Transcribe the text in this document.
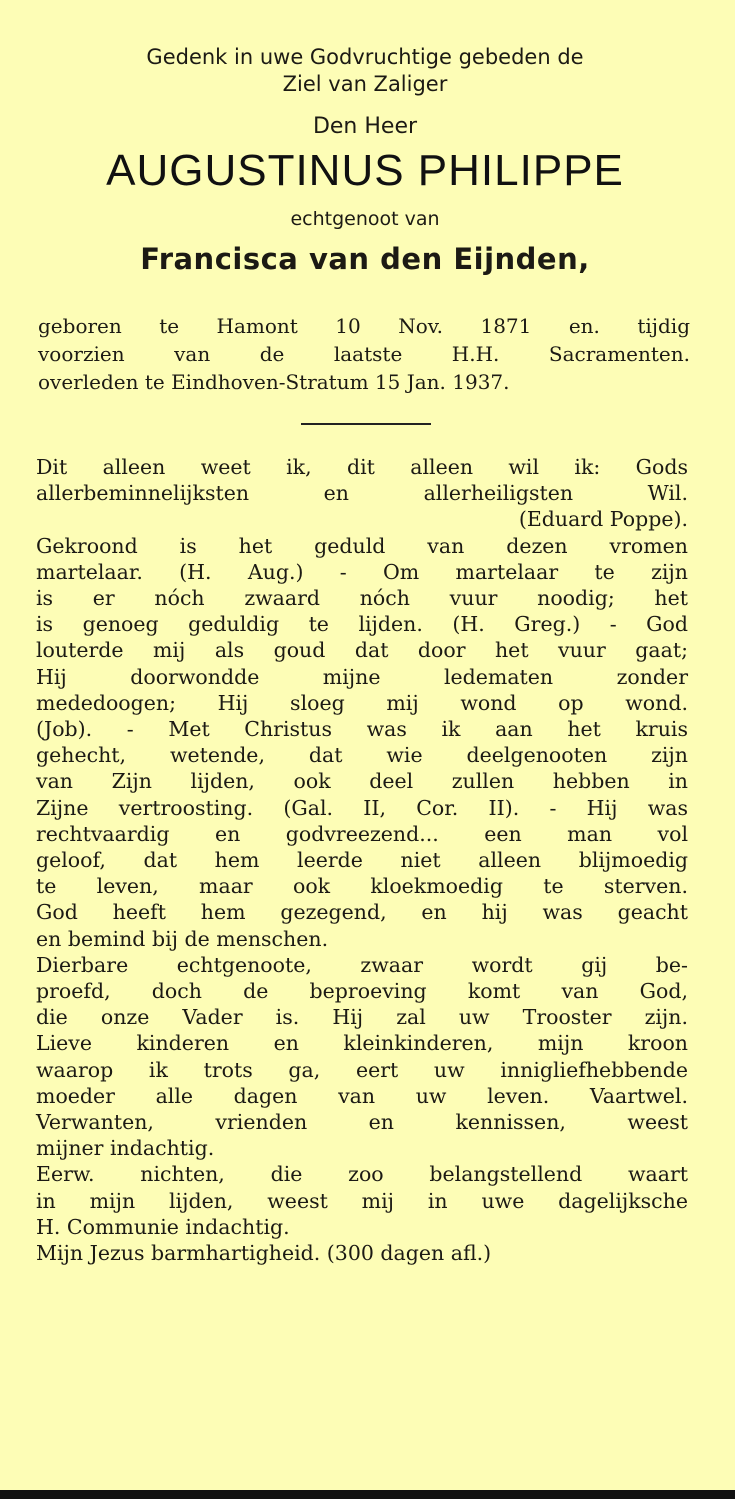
Gedenk in uwe Godvruchtige gebeden de

Ziel van Zaliger

Den Heer

AUGUSTINUS PHILIPPE

echtgenoot van

Francisca van den Eijnden,

geboren te Hamont 10 Nov. 1871 en. tijdig

voorzien van de laatste H.H. Sacramenten.

overleden te Eindhoven-Stratum 15 Jan. 1937.

Dit alleen weet ik, dit alleen wil ik: Gods
allerbeminnelijksten en allerheiligsten Wil.
(Eduard Poppe).

Gekroond is het geduld van dezen vromen
martelaar. (H. Aug.) - Om martelaar te zijn
is er nóch zwaard nóch vuur noodig; het
is genoeg geduldig te lijden. (H. Greg.) - God
louterde mij als goud dat door het vuur gaat;
Hij doorwondde mijne ledematen zonder
mededoogen; Hij sloeg mij wond op wond.
(Job). - Met Christus was ik aan het kruis
gehecht, wetende, dat wie deelgenooten zijn
van Zijn lijden, ook deel zullen hebben in
Zijne vertroosting. (Gal. II, Cor. II). - Hij was
rechtvaardig en godvreezend... een man vol
geloof, dat hem leerde niet alleen blijmoedig
te leven, maar ook kloekmoedig te sterven.
God heeft hem gezegend, en hij was geacht
en bemind bij de menschen.

Dierbare echtgenoote, zwaar wordt gij be-
proefd, doch de beproeving komt van God,
die onze Vader is. Hij zal uw Trooster zijn.
Lieve kinderen en kleinkinderen, mijn kroon
waarop ik trots ga, eert uw innigliefhebbende
moeder alle dagen van uw leven. Vaartwel.
Verwanten, vrienden en kennissen, weest
mijner indachtig.

Eerw. nichten, die zoo belangstellend waart
in mijn lijden, weest mij in uwe dagelijksche
H. Communie indachtig.

Mijn Jezus barmhartigheid. (300 dagen afl.)
